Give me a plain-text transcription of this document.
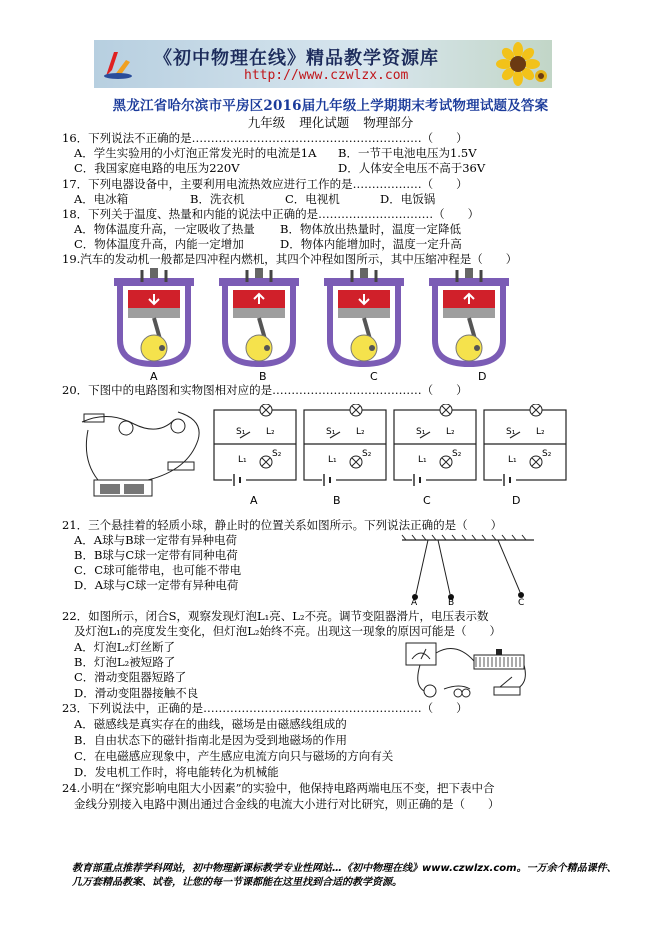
《初中物理在线》精品教学资源库
http://www.czwlzx.com
黑龙江省哈尔滨市平房区2016届九年级上学期期末考试物理试题及答案
九年级 理化试题 物理部分
16．下列说法不正确的是……………………………………………………（　　）
A．学生实验用的小灯泡正常发光时的电流是1A B．一节干电池电压为1.5V
C．我国家庭电路的电压为220V	D．人体安全电压不高于36V
17．下列电器设备中，主要利用电流热效应进行工作的是………………（　　）
A．电冰箱	B．洗衣机	C．电视机	D．电饭锅
18．下列关于温度、热量和内能的说法中正确的是…………………………（　　）
A．物体温度升高，一定吸收了热量 B．物体放出热量时，温度一定降低
C．物体温度升高，内能一定增加	D．物体内能增加时，温度一定升高
19.汽车的发动机一般都是四冲程内燃机，其四个冲程如图所示，其中压缩冲程是（　　）
A	B	C	D
20．下图中的电路图和实物图相对应的是…………………………………（　　）
A	B	C	D
21．三个悬挂着的轻质小球，静止时的位置关系如图所示。下列说法正确的是（　　）
A．A球与B球一定带有异种电荷
B．B球与C球一定带有同种电荷
C．C球可能带电，也可能不带电
D．A球与C球一定带有异种电荷
A	B	C
22．如图所示，闭合S，观察发现灯泡L₁亮、L₂不亮。调节变阻器滑片，电压表示数
及灯泡L₁的亮度发生变化，但灯泡L₂始终不亮。出现这一现象的原因可能是（　　）
A．灯泡L₂灯丝断了
B．灯泡L₂被短路了
C．滑动变阻器短路了
D．滑动变阻器接触不良
23．下列说法中，正确的是…………………………………………………（　　）
A．磁感线是真实存在的曲线，磁场是由磁感线组成的
B．自由状态下的磁针指南北是因为受到地磁场的作用
C．在电磁感应现象中，产生感应电流方向只与磁场的方向有关
D．发电机工作时，将电能转化为机械能
24.小明在“探究影响电阻大小因素”的实验中，他保持电路两端电压不变，把下表中合
金线分别接入电路中测出通过合金线的电流大小进行对比研究，则正确的是（　　）
教育部重点推荐学科网站，初中物理新课标教学专业性网站…《初中物理在线》www.czwlzx.com。一万余个精品课件、
几万套精品教案、试卷，让您的每一节课都能在这里找到合适的教学资源。
